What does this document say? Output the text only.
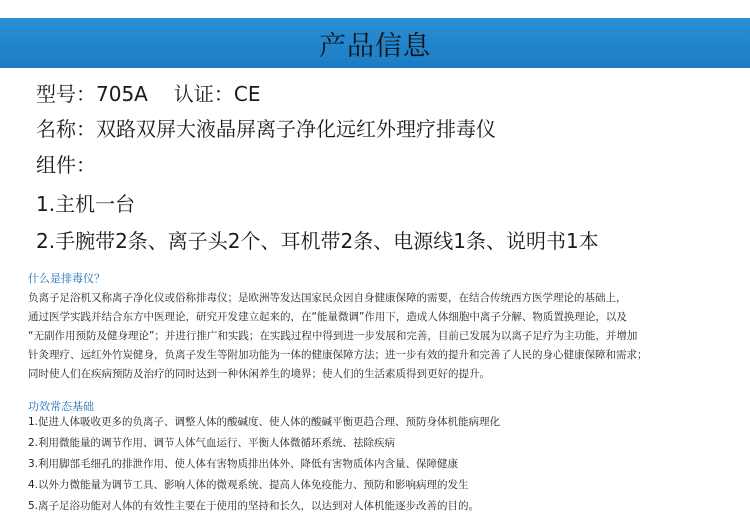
产品信息
型号：705A 认证：CE
名称：双路双屏大液晶屏离子净化远红外理疗排毒仪
组件：
1.主机一台
2.手腕带2条、离子头2个、耳机带2条、电源线1条、说明书1本
什么是排毒仪？
负离子足浴机又称离子净化仪或俗称排毒仪；是欧洲等发达国家民众因自身健康保障的需要，在结合传统西方医学理论的基础上，
通过医学实践并结合东方中医理论，研究开发建立起来的，在“能量微调”作用下，造成人体细胞中离子分解、物质置换理论，以及
“无副作用预防及健身理论”；并进行推广和实践；在实践过程中得到进一步发展和完善，目前已发展为以离子足疗为主功能，并增加
针灸理疗、远红外竹炭健身，负离子发生等附加功能为一体的健康保障方法；进一步有效的提升和完善了人民的身心健康保障和需求；
同时使人们在疾病预防及治疗的同时达到一种休闲养生的境界；使人们的生活素质得到更好的提升。
功效常态基础
1.促进人体吸收更多的负离子、调整人体的酸碱度、使人体的酸碱平衡更趋合理、预防身体机能病理化
2.利用微能量的调节作用、调节人体气血运行、平衡人体微循环系统、祛除疾病
3.利用脚部毛细孔的排泄作用、使人体有害物质排出体外、降低有害物质体内含量、保障健康
4.以外力微能量为调节工具、影响人体的微观系统、提高人体免疫能力、预防和影响病理的发生
5.离子足浴功能对人体的有效性主要在于使用的坚持和长久，以达到对人体机能逐步改善的目的。
